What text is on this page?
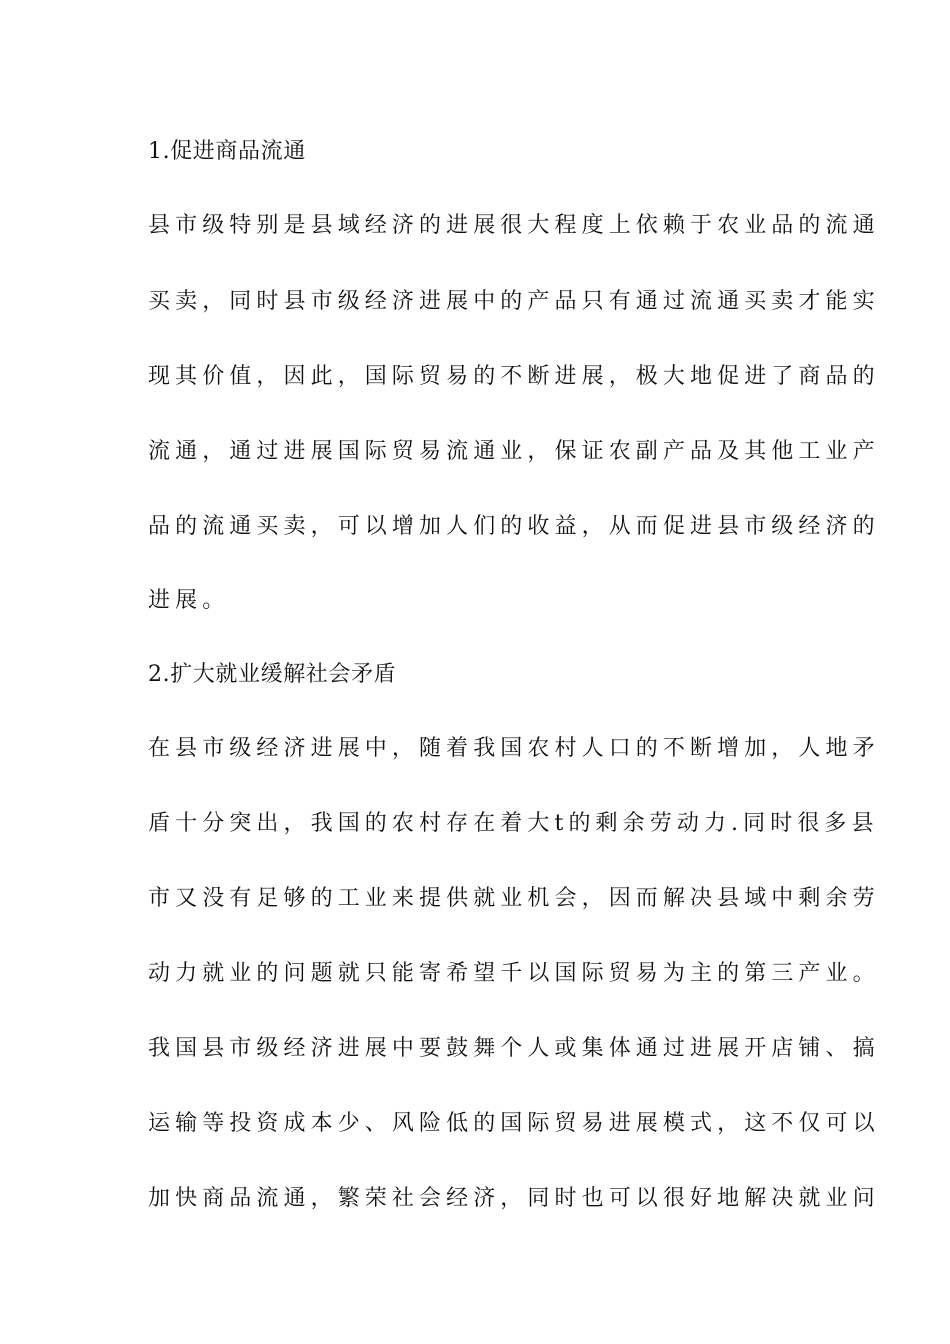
1.促进商品流通
县市级特别是县域经济的进展很大程度上依赖于农业品的流通
买卖，同时县市级经济进展中的产品只有通过流通买卖才能实
现其价值，因此，国际贸易的不断进展，极大地促进了商品的
流通，通过进展国际贸易流通业，保证农副产品及其他工业产
品的流通买卖，可以增加人们的收益，从而促进县市级经济的
进展。
2.扩大就业缓解社会矛盾
在县市级经济进展中，随着我国农村人口的不断增加，人地矛
盾十分突出，我国的农村存在着大t的剩余劳动力.同时很多县
市又没有足够的工业来提供就业机会，因而解决县域中剩余劳
动力就业的问题就只能寄希望千以国际贸易为主的第三产业。
我国县市级经济进展中要鼓舞个人或集体通过进展开店铺、搞
运输等投资成本少、风险低的国际贸易进展模式，这不仅可以
加快商品流通，繁荣社会经济，同时也可以很好地解决就业问
